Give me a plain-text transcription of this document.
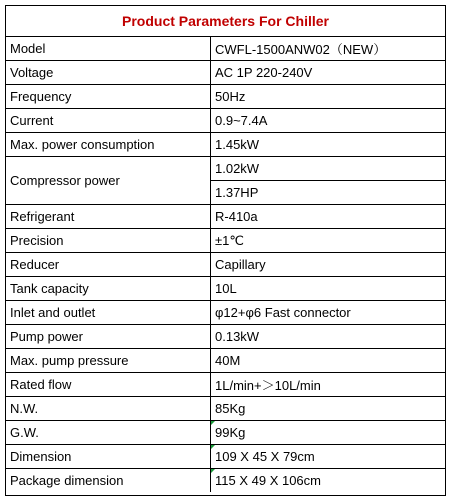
Product Parameters For Chiller
Model	CWFL-1500ANW02（NEW）
Voltage	AC 1P 220-240V
Frequency	50Hz
Current	0.9~7.4A
Max. power consumption	1.45kW
Compressor power	1.02kW
	1.37HP
Refrigerant	R-410a
Precision	±1℃
Reducer	Capillary
Tank capacity	10L
Inlet and outlet	φ12+φ6 Fast connector
Pump power	0.13kW
Max. pump pressure	40M
Rated flow	1L/min+＞10L/min
N.W.	85Kg
G.W.	99Kg
Dimension	109 X 45 X 79cm
Package dimension	115 X 49 X 106cm
